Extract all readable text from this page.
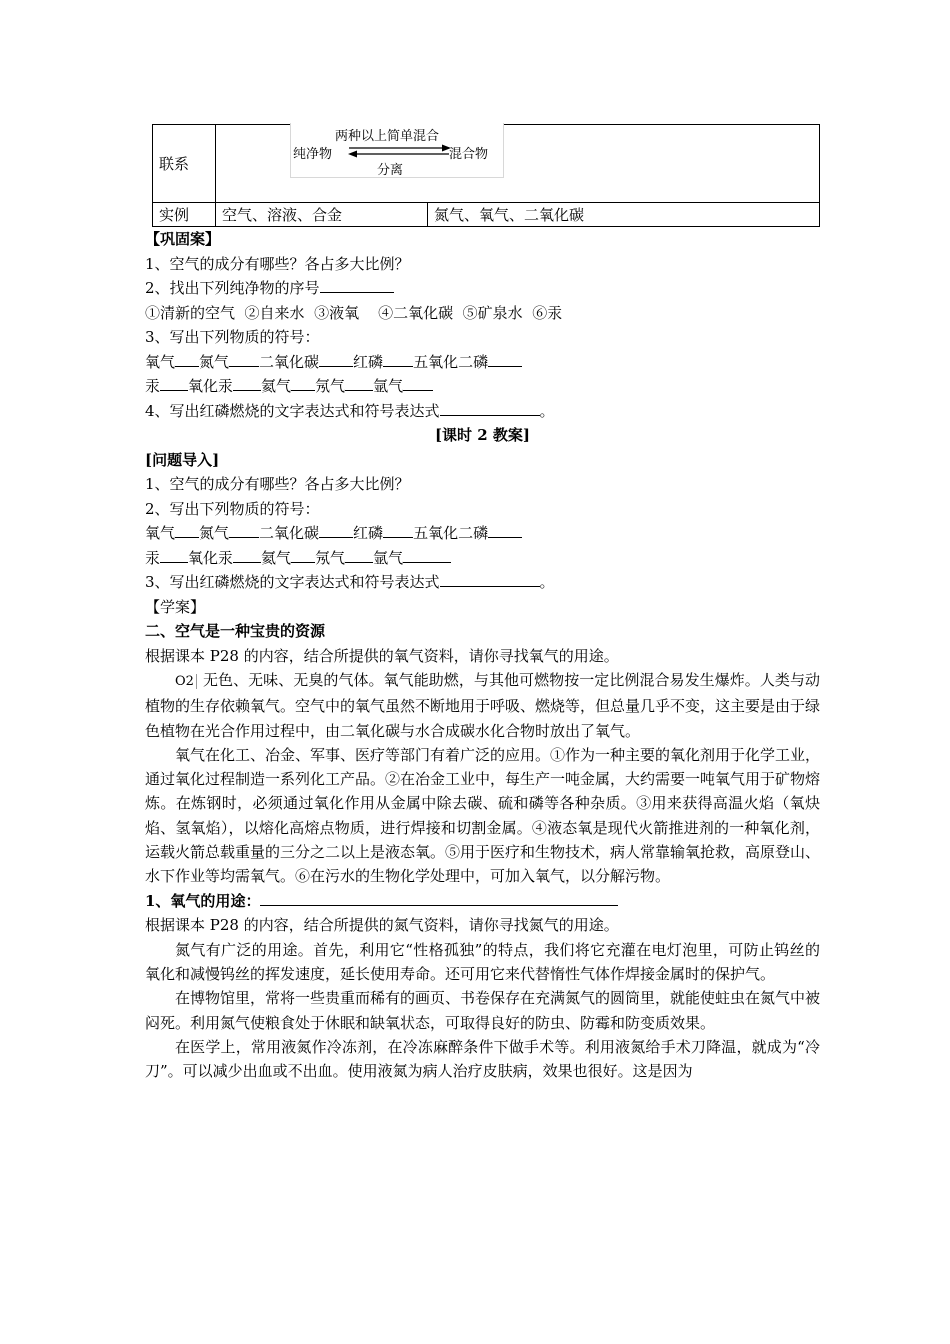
联系	两种以上简单混合
纯净物 混合物
分离	

实例	空气、溶液、合金	氮气、氧气、二氧化碳
【巩固案】
1、空气的成分有哪些？各占多大比例？
2、找出下列纯净物的序号
①清新的空气  ②自来水  ③液氧    ④二氧化碳  ⑤矿泉水  ⑥汞
3、写出下列物质的符号：
氧气 氮气 二氧化碳 红磷 五氧化二磷
汞 氧化汞 氦气 氖气 氩气
4、写出红磷燃烧的文字表达式和符号表达式	。
[课时 2 教案]
[问题导入]
1、空气的成分有哪些？各占多大比例？
2、写出下列物质的符号：
氧气 氮气 二氧化碳 红磷 五氧化二磷
汞 氧化汞 氦气 氖气 氩气
3、写出红磷燃烧的文字表达式和符号表达式	。
【学案】
二、空气是一种宝贵的资源
根据课本 P28 的内容，结合所提供的氧气资料，请你寻找氧气的用途。
O2 无色、无味、无臭的气体。氧气能助燃，与其他可燃物按一定比例混合易发生爆炸。人类与动植物的生存依赖氧气。空气中的氧气虽然不断地用于呼吸、燃烧等，但总量几乎不变，这主要是由于绿色植物在光合作用过程中，由二氧化碳与水合成碳水化合物时放出了氧气。
氧气在化工、冶金、军事、医疗等部门有着广泛的应用。①作为一种主要的氧化剂用于化学工业，通过氧化过程制造一系列化工产品。②在冶金工业中，每生产一吨金属，大约需要一吨氧气用于矿物熔炼。在炼钢时，必须通过氧化作用从金属中除去碳、硫和磷等各种杂质。③用来获得高温火焰（氧炔焰、氢氧焰），以熔化高熔点物质，进行焊接和切割金属。④液态氧是现代火箭推进剂的一种氧化剂，运载火箭总载重量的三分之二以上是液态氧。⑤用于医疗和生物技术，病人常靠输氧抢救，高原登山、水下作业等均需氧气。⑥在污水的生物化学处理中，可加入氧气，以分解污物。
1、氧气的用途：
根据课本 P28 的内容，结合所提供的氮气资料，请你寻找氮气的用途。
氮气有广泛的用途。首先，利用它“性格孤独”的特点，我们将它充灌在电灯泡里，可防止钨丝的氧化和减慢钨丝的挥发速度，延长使用寿命。还可用它来代替惰性气体作焊接金属时的保护气。
在博物馆里，常将一些贵重而稀有的画页、书卷保存在充满氮气的圆筒里，就能使蛀虫在氮气中被闷死。利用氮气使粮食处于休眠和缺氧状态，可取得良好的防虫、防霉和防变质效果。
在医学上，常用液氮作冷冻剂，在冷冻麻醉条件下做手术等。利用液氮给手术刀降温，就成为“冷刀”。可以减少出血或不出血。使用液氮为病人治疗皮肤病，效果也很好。这是因为
